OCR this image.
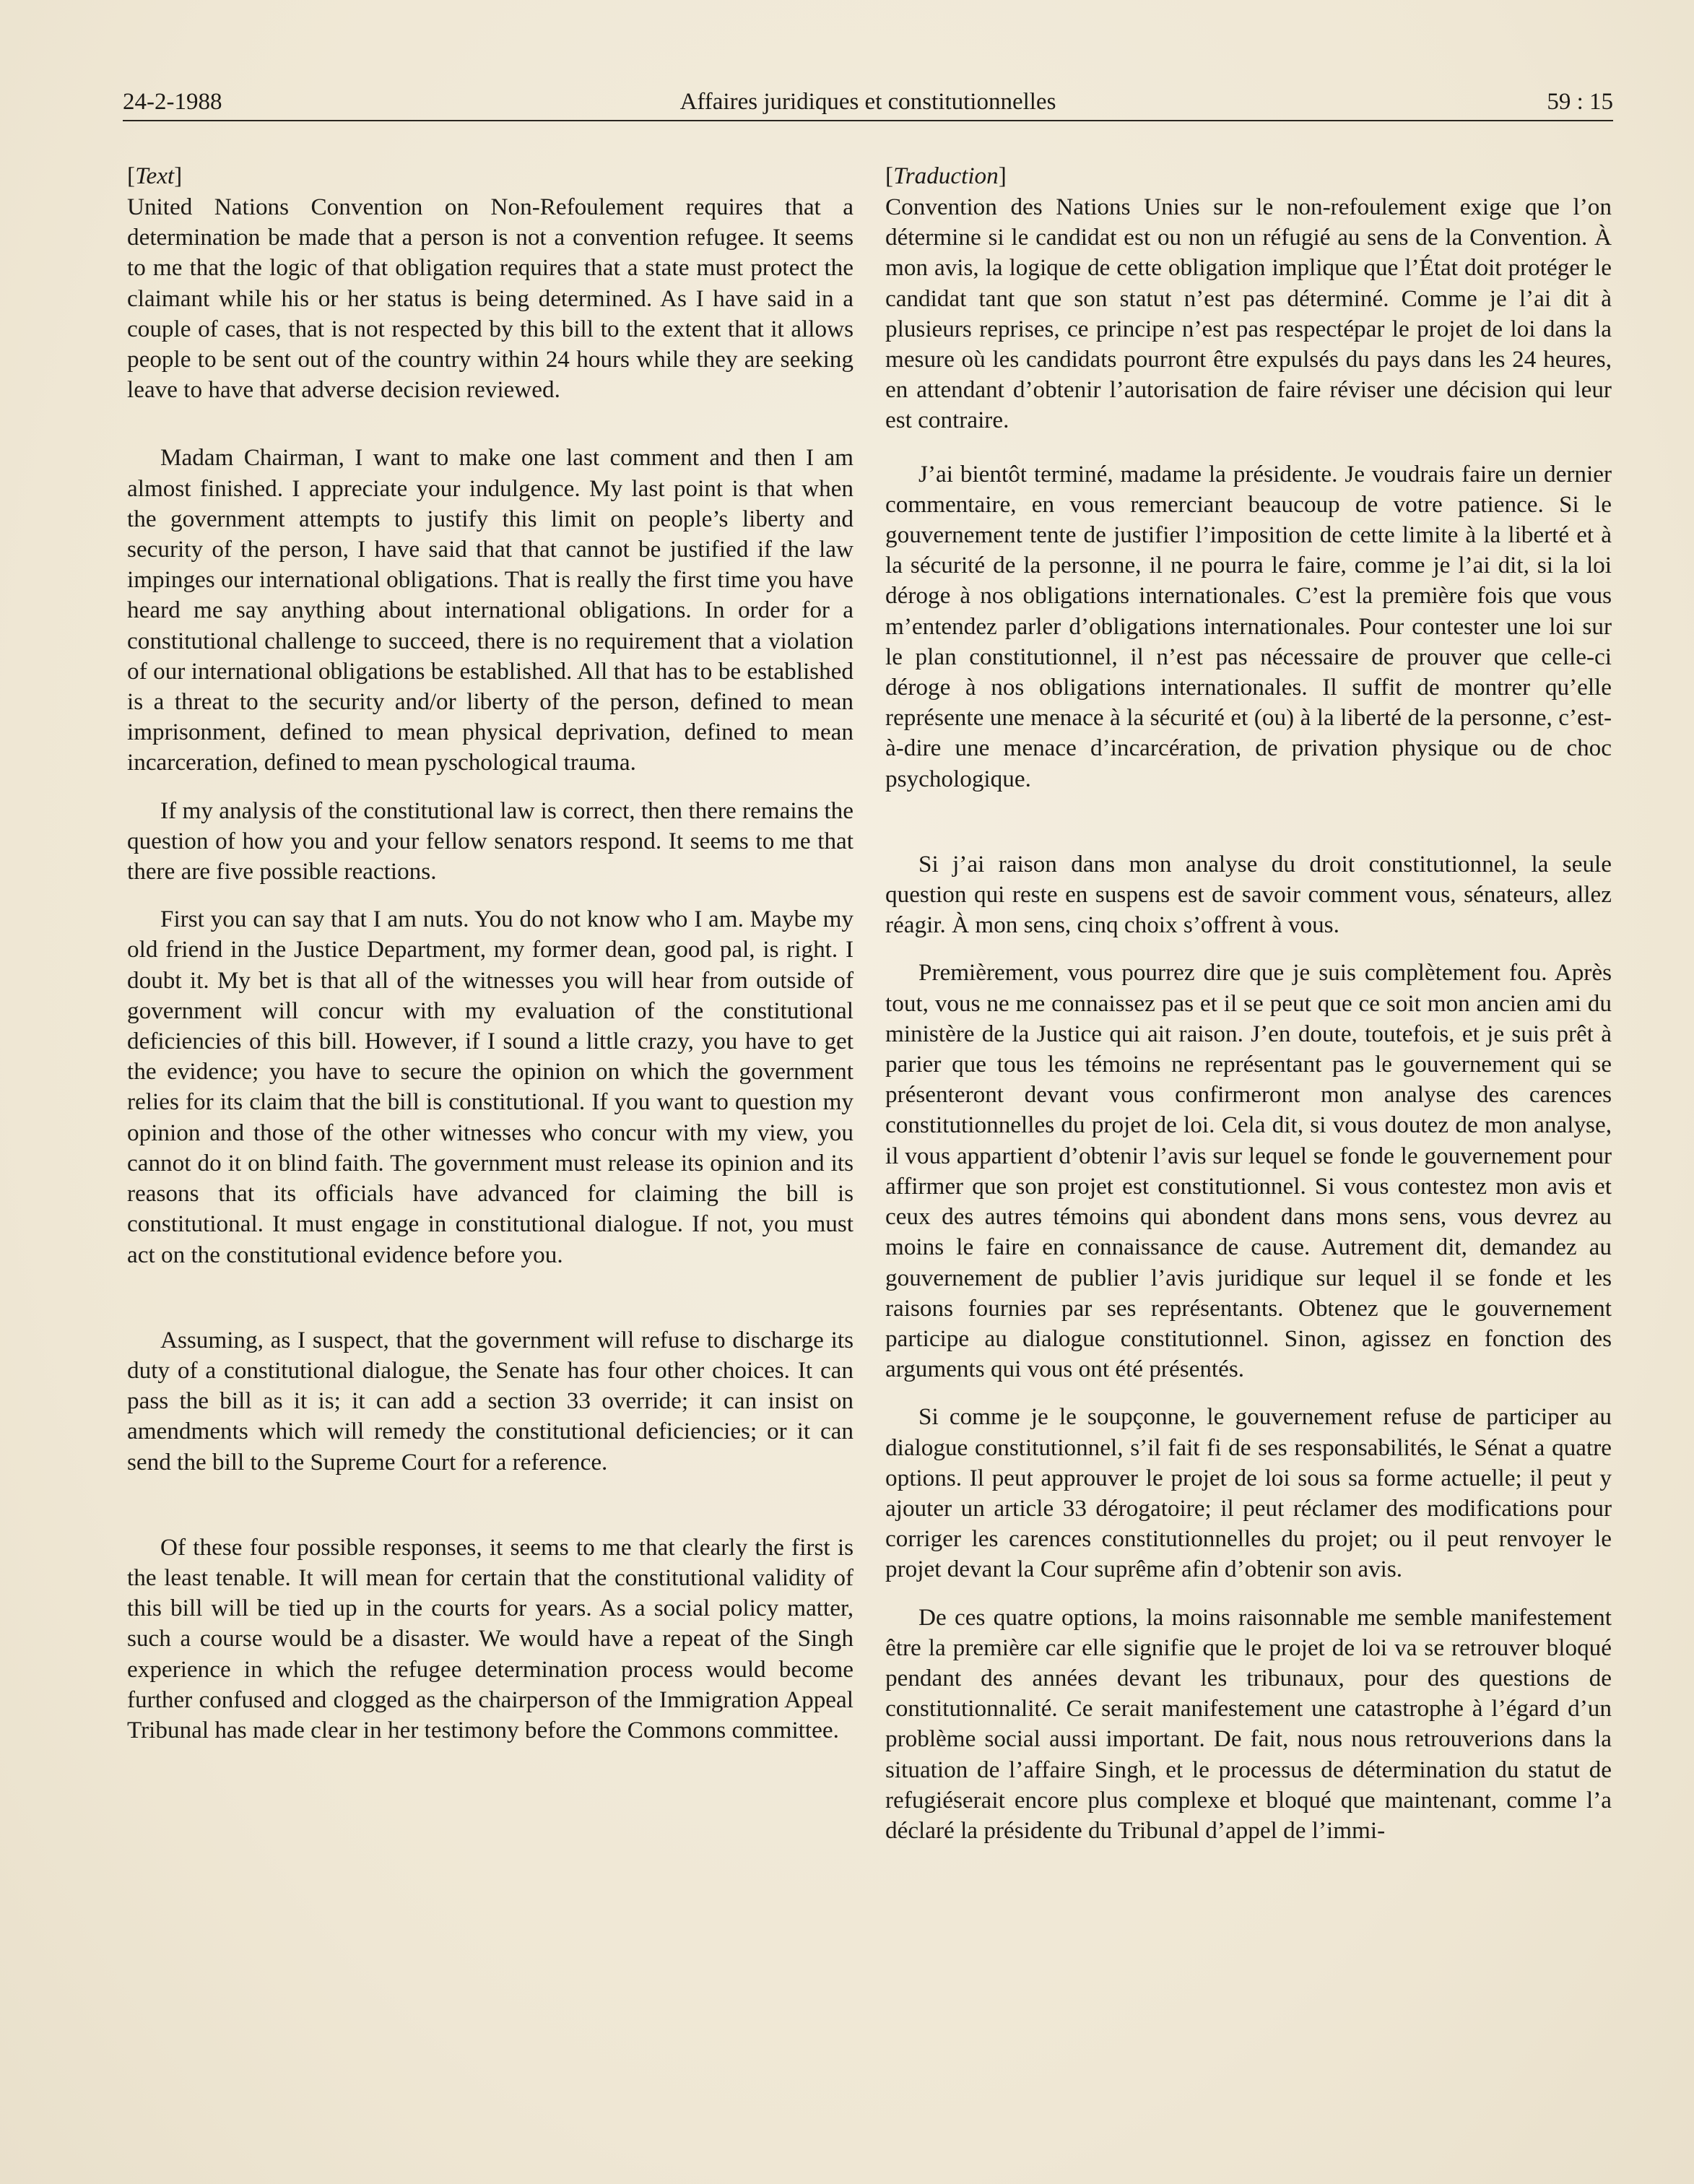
24-2-1988	Affaires juridiques et constitutionnelles	59 : 15

[Text]

United Nations Convention on Non-Refoulement requires that a determination be made that a person is not a convention refugee. It seems to me that the logic of that obligation requires that a state must protect the claimant while his or her status is being determined. As I have said in a couple of cases, that is not respected by this bill to the extent that it allows people to be sent out of the country within 24 hours while they are seeking leave to have that adverse decision reviewed.

Madam Chairman, I want to make one last comment and then I am almost finished. I appreciate your indulgence. My last point is that when the government attempts to justify this limit on people’s liberty and security of the person, I have said that that cannot be justified if the law impinges our international obligations. That is really the first time you have heard me say anything about international obligations. In order for a constitutional challenge to succeed, there is no requirement that a violation of our international obligations be established. All that has to be established is a threat to the security and/or liberty of the person, defined to mean imprisonment, defined to mean physical deprivation, defined to mean incarceration, defined to mean pyschological trauma.

If my analysis of the constitutional law is correct, then there remains the question of how you and your fellow senators respond. It seems to me that there are five possible reactions.

First you can say that I am nuts. You do not know who I am. Maybe my old friend in the Justice Department, my former dean, good pal, is right. I doubt it. My bet is that all of the witnesses you will hear from outside of government will concur with my evaluation of the constitutional deficiencies of this bill. However, if I sound a little crazy, you have to get the evidence; you have to secure the opinion on which the government relies for its claim that the bill is constitutional. If you want to question my opinion and those of the other witnesses who concur with my view, you cannot do it on blind faith. The government must release its opinion and its reasons that its officials have advanced for claiming the bill is constitutional. It must engage in constitutional dialogue. If not, you must act on the constitutional evidence before you.

Assuming, as I suspect, that the government will refuse to discharge its duty of a constitutional dialogue, the Senate has four other choices. It can pass the bill as it is; it can add a section 33 override; it can insist on amendments which will remedy the constitutional deficiencies; or it can send the bill to the Supreme Court for a reference.

Of these four possible responses, it seems to me that clearly the first is the least tenable. It will mean for certain that the constitutional validity of this bill will be tied up in the courts for years. As a social policy matter, such a course would be a disaster. We would have a repeat of the Singh experience in which the refugee determination process would become further confused and clogged as the chairperson of the Immigration Appeal Tribunal has made clear in her testimony before the Commons committee.

[Traduction]

Convention des Nations Unies sur le non-refoulement exige que l’on détermine si le candidat est ou non un réfugié au sens de la Convention. À mon avis, la logique de cette obligation implique que l’État doit protéger le candidat tant que son statut n’est pas déterminé. Comme je l’ai dit à plusieurs reprises, ce principe n’est pas respectépar le projet de loi dans la mesure où les candidats pourront être expulsés du pays dans les 24 heures, en attendant d’obtenir l’autorisation de faire réviser une décision qui leur est contraire.

J’ai bientôt terminé, madame la présidente. Je voudrais faire un dernier commentaire, en vous remerciant beaucoup de votre patience. Si le gouvernement tente de justifier l’imposition de cette limite à la liberté et à la sécurité de la personne, il ne pourra le faire, comme je l’ai dit, si la loi déroge à nos obligations internationales. C’est la première fois que vous m’entendez parler d’obligations internationales. Pour contester une loi sur le plan constitutionnel, il n’est pas nécessaire de prouver que celle-ci déroge à nos obligations internationales. Il suffit de montrer qu’elle représente une menace à la sécurité et (ou) à la liberté de la personne, c’est-à-dire une menace d’incarcération, de privation physique ou de choc psychologique.

Si j’ai raison dans mon analyse du droit constitutionnel, la seule question qui reste en suspens est de savoir comment vous, sénateurs, allez réagir. À mon sens, cinq choix s’offrent à vous.

Premièrement, vous pourrez dire que je suis complètement fou. Après tout, vous ne me connaissez pas et il se peut que ce soit mon ancien ami du ministère de la Justice qui ait raison. J’en doute, toutefois, et je suis prêt à parier que tous les témoins ne représentant pas le gouvernement qui se présenteront devant vous confirmeront mon analyse des carences constitutionnelles du projet de loi. Cela dit, si vous doutez de mon analyse, il vous appartient d’obtenir l’avis sur lequel se fonde le gouvernement pour affirmer que son projet est constitutionnel. Si vous contestez mon avis et ceux des autres témoins qui abondent dans mons sens, vous devrez au moins le faire en connaissance de cause. Autrement dit, demandez au gouvernement de publier l’avis juridique sur lequel il se fonde et les raisons fournies par ses représentants. Obtenez que le gouvernement participe au dialogue constitutionnel. Sinon, agissez en fonction des arguments qui vous ont été présentés.

Si comme je le soupçonne, le gouvernement refuse de participer au dialogue constitutionnel, s’il fait fi de ses responsabilités, le Sénat a quatre options. Il peut approuver le projet de loi sous sa forme actuelle; il peut y ajouter un article 33 dérogatoire; il peut réclamer des modifications pour corriger les carences constitutionnelles du projet; ou il peut renvoyer le projet devant la Cour suprême afin d’obtenir son avis.

De ces quatre options, la moins raisonnable me semble manifestement être la première car elle signifie que le projet de loi va se retrouver bloqué pendant des années devant les tribunaux, pour des questions de constitutionnalité. Ce serait manifestement une catastrophe à l’égard d’un problème social aussi important. De fait, nous nous retrouverions dans la situation de l’affaire Singh, et le processus de détermination du statut de refugiéserait encore plus complexe et bloqué que maintenant, comme l’a déclaré la présidente du Tribunal d’appel de l’immi-
